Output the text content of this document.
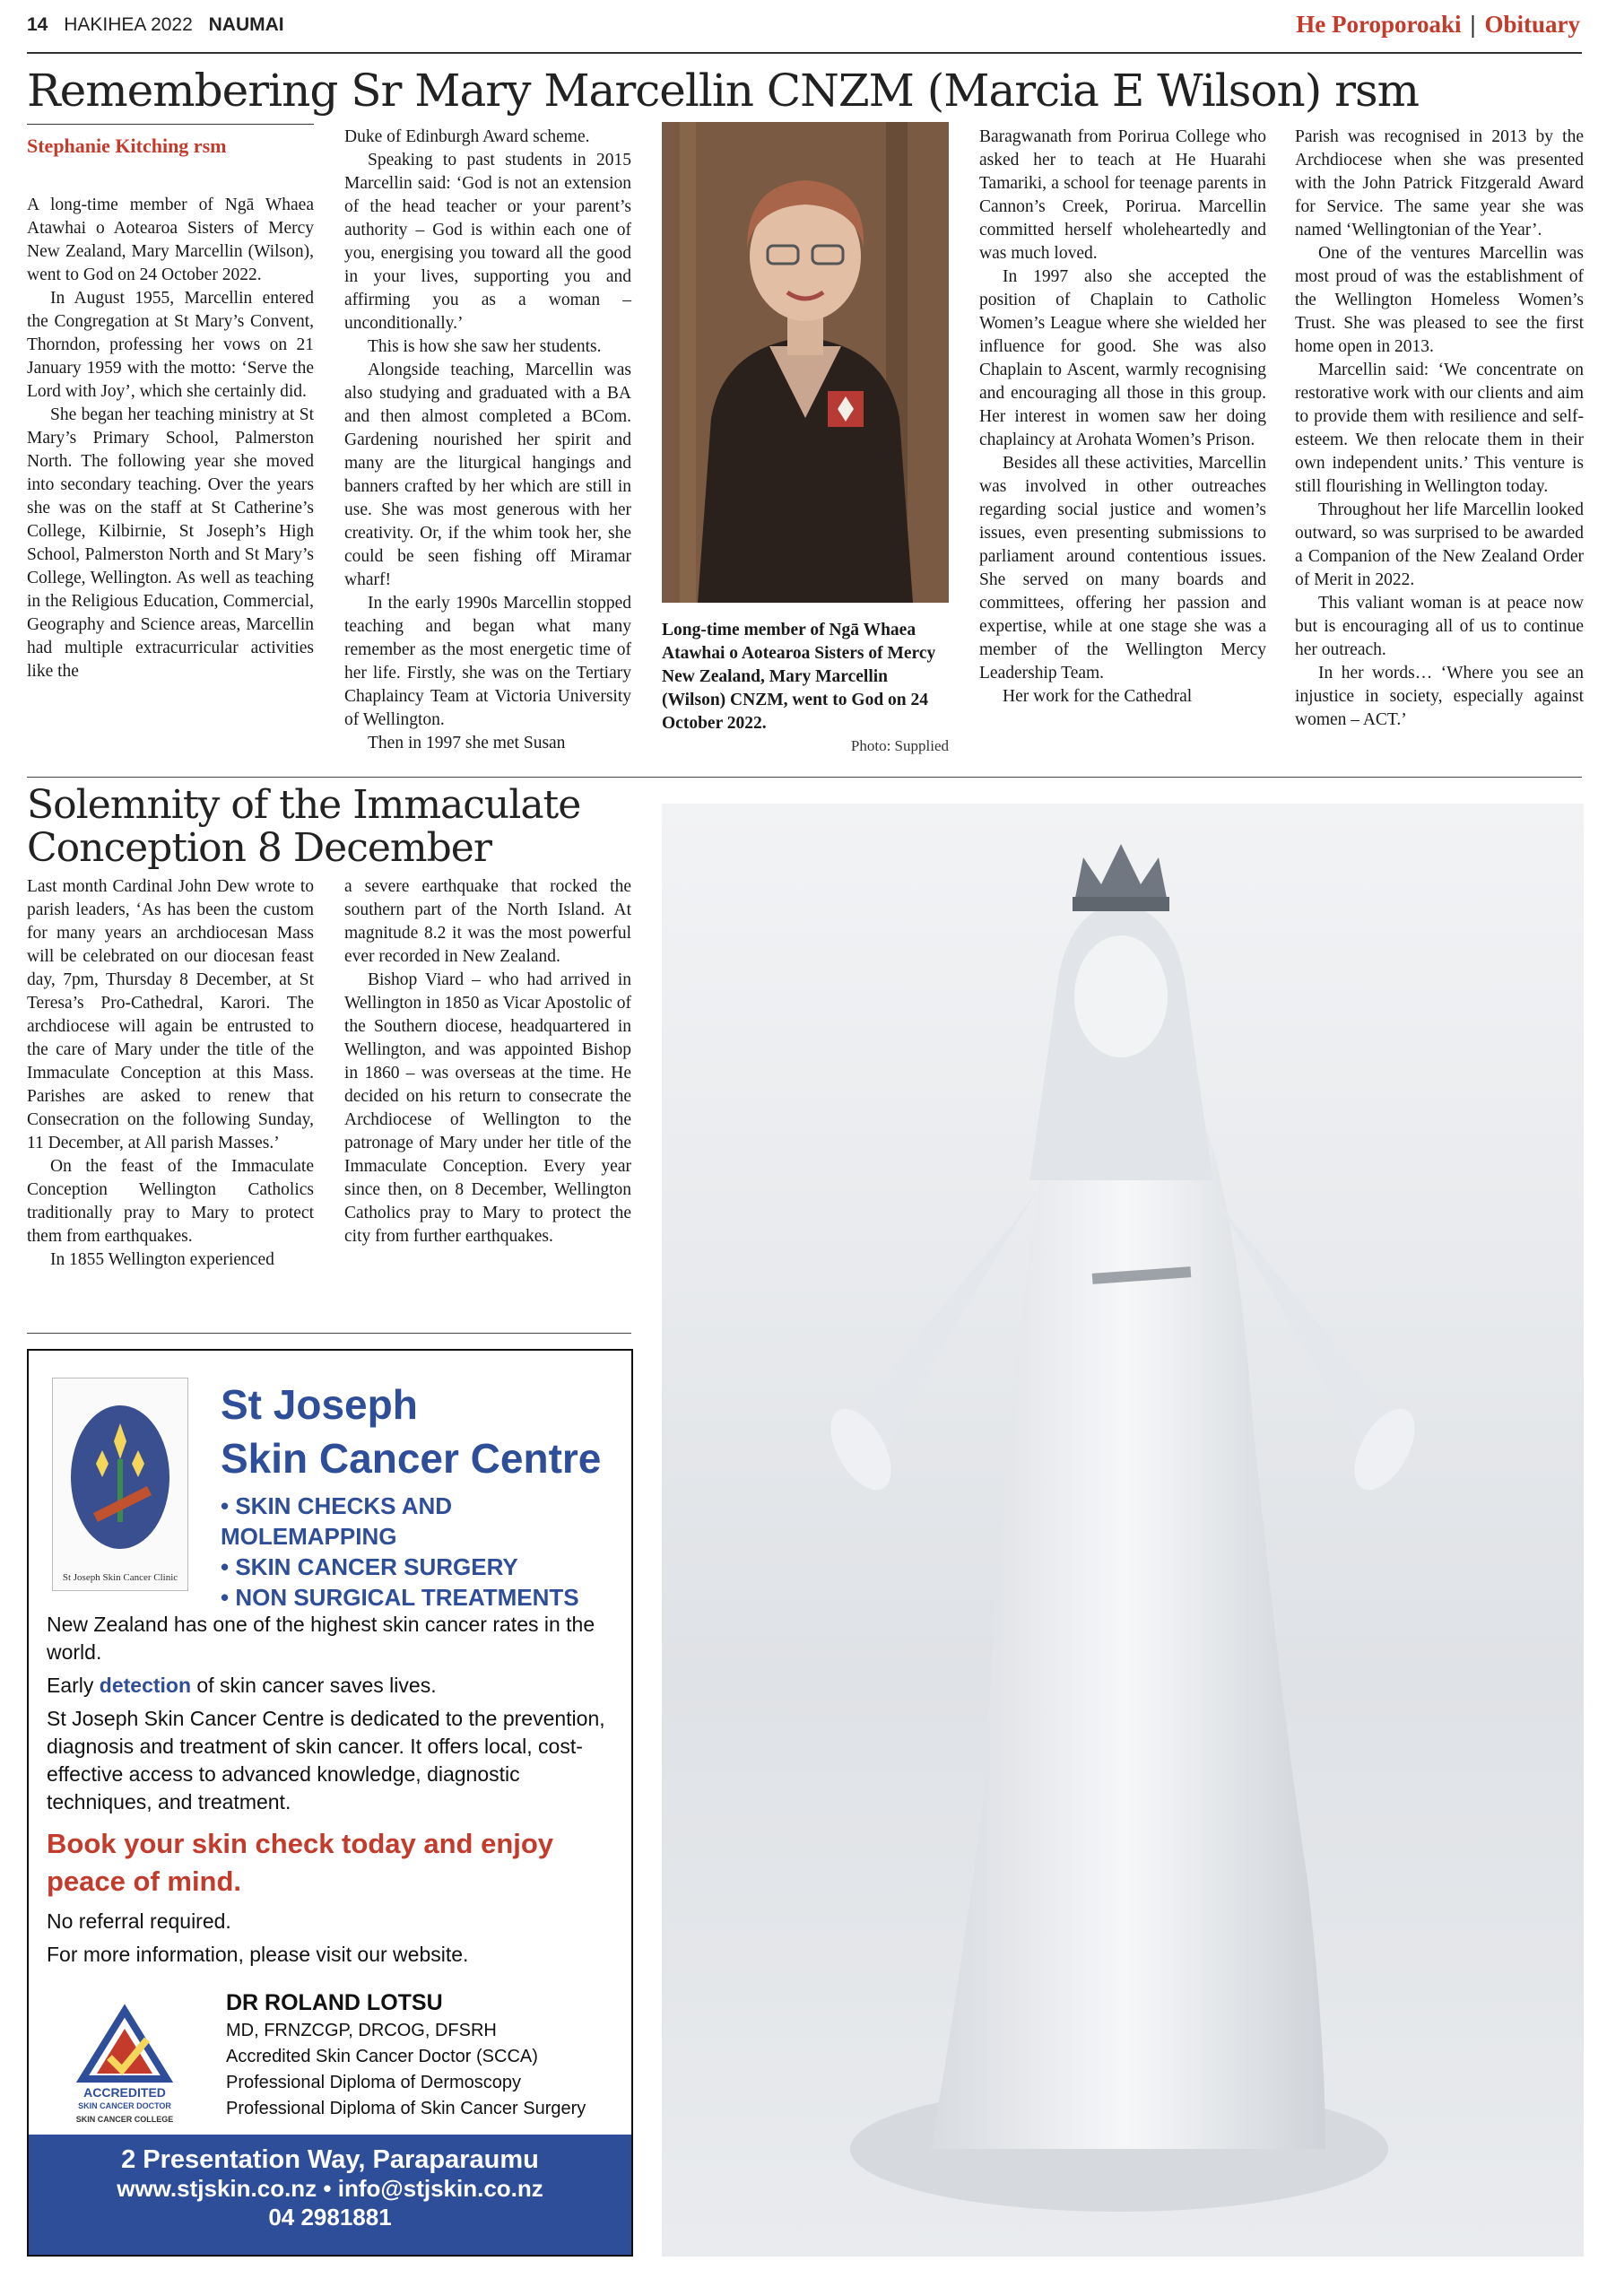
14 HAKIHEA 2022 NAUMAI	He Poroporoaki | Obituary
Remembering Sr Mary Marcellin CNZM (Marcia E Wilson) rsm
Stephanie Kitching rsm

A long-time member of Ngā Whaea Atawhai o Aotearoa Sisters of Mercy New Zealand, Mary Marcellin (Wilson), went to God on 24 October 2022.

In August 1955, Marcellin entered the Congregation at St Mary’s Convent, Thorndon, professing her vows on 21 January 1959 with the motto: ‘Serve the Lord with Joy’, which she certainly did.

She began her teaching ministry at St Mary’s Primary School, Palmerston North. The following year she moved into secondary teaching. Over the years she was on the staff at St Catherine’s College, Kilbirnie, St Joseph’s High School, Palmerston North and St Mary’s College, Wellington. As well as teaching in the Religious Education, Commercial, Geography and Science areas, Marcellin had multiple extracurricular activities like the

Duke of Edinburgh Award scheme.

Speaking to past students in 2015 Marcellin said: ‘God is not an extension of the head teacher or your parent’s authority – God is within each one of you, energising you toward all the good in your lives, supporting you and affirming you as a woman – unconditionally.’

This is how she saw her students.

Alongside teaching, Marcellin was also studying and graduated with a BA and then almost completed a BCom. Gardening nourished her spirit and many are the liturgical hangings and banners crafted by her which are still in use. She was most generous with her creativity. Or, if the whim took her, she could be seen fishing off Miramar wharf!

In the early 1990s Marcellin stopped teaching and began what many remember as the most energetic time of her life. Firstly, she was on the Tertiary Chaplaincy Team at Victoria University of Wellington.

Then in 1997 she met Susan

Long-time member of Ngā Whaea Atawhai o Aotearoa Sisters of Mercy New Zealand, Mary Marcellin (Wilson) CNZM, went to God on 24 October 2022.
Photo: Supplied

Baragwanath from Porirua College who asked her to teach at He Huarahi Tamariki, a school for teenage parents in Cannon’s Creek, Porirua. Marcellin committed herself wholeheartedly and was much loved.

In 1997 also she accepted the position of Chaplain to Catholic Women’s League where she wielded her influence for good. She was also Chaplain to Ascent, warmly recognising and encouraging all those in this group. Her interest in women saw her doing chaplaincy at Arohata Women’s Prison.

Besides all these activities, Marcellin was involved in other outreaches regarding social justice and women’s issues, even presenting submissions to parliament around contentious issues. She served on many boards and committees, offering her passion and expertise, while at one stage she was a member of the Wellington Mercy Leadership Team.

Her work for the Cathedral

Parish was recognised in 2013 by the Archdiocese when she was presented with the John Patrick Fitzgerald Award for Service. The same year she was named ‘Wellingtonian of the Year’.

One of the ventures Marcellin was most proud of was the establishment of the Wellington Homeless Women’s Trust. She was pleased to see the first home open in 2013.

Marcellin said: ‘We concentrate on restorative work with our clients and aim to provide them with resilience and self-esteem. We then relocate them in their own independent units.’ This venture is still flourishing in Wellington today.

Throughout her life Marcellin looked outward, so was surprised to be awarded a Companion of the New Zealand Order of Merit in 2022.

This valiant woman is at peace now but is encouraging all of us to continue her outreach.

In her words… ‘Where you see an injustice in society, especially against women – ACT.’

Solemnity of the Immaculate
Conception 8 December

Last month Cardinal John Dew wrote to parish leaders, ‘As has been the custom for many years an archdiocesan Mass will be celebrated on our diocesan feast day, 7pm, Thursday 8 December, at St Teresa’s Pro-Cathedral, Karori. The archdiocese will again be entrusted to the care of Mary under the title of the Immaculate Conception at this Mass. Parishes are asked to renew that Consecration on the following Sunday, 11 December, at All parish Masses.’

On the feast of the Immaculate Conception Wellington Catholics traditionally pray to Mary to protect them from earthquakes.

In 1855 Wellington experienced

a severe earthquake that rocked the southern part of the North Island. At magnitude 8.2 it was the most powerful ever recorded in New Zealand.

Bishop Viard – who had arrived in Wellington in 1850 as Vicar Apostolic of the Southern diocese, headquartered in Wellington, and was appointed Bishop in 1860 – was overseas at the time. He decided on his return to consecrate the Archdiocese of Wellington to the patronage of Mary under her title of the Immaculate Conception. Every year since then, on 8 December, Wellington Catholics pray to Mary to protect the city from further earthquakes.

St Joseph Skin Cancer Clinic
St Joseph
Skin Cancer Centre
• SKIN CHECKS AND MOLEMAPPING
• SKIN CANCER SURGERY
• NON SURGICAL TREATMENTS

New Zealand has one of the highest skin cancer rates in the world.

Early detection of skin cancer saves lives.

St Joseph Skin Cancer Centre is dedicated to the prevention, diagnosis and treatment of skin cancer. It offers local, cost-effective access to advanced knowledge, diagnostic techniques, and treatment.

Book your skin check today and enjoy peace of mind.

No referral required.

For more information, please visit our website.

ACCREDITED
SKIN CANCER DOCTOR
SKIN CANCER COLLEGE
DR ROLAND LOTSU
MD, FRNZCGP, DRCOG, DFSRH
Accredited Skin Cancer Doctor (SCCA)
Professional Diploma of Dermoscopy
Professional Diploma of Skin Cancer Surgery
2 Presentation Way, Paraparaumu
www.stjskin.co.nz • info@stjskin.co.nz
04 2981881
